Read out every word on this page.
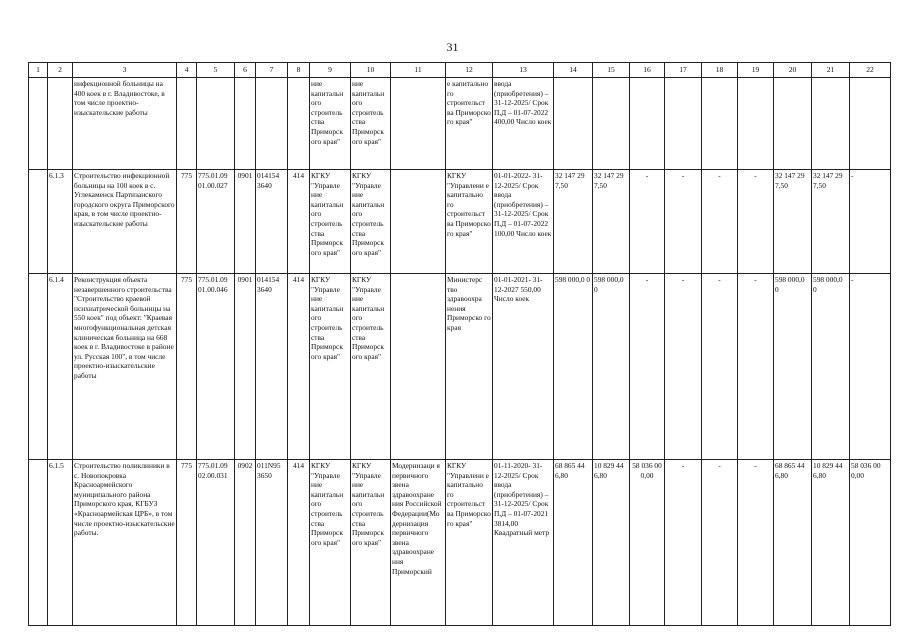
31
1	2	3	4	5	6	7	8	9	10	11	12	13	14	15	16	17	18	19	20	21	22

		инфекционной больницы на 400 коек в г. Владивостоке, в том числе проектно-изыскательские работы						ние капитальн ого строитель ства Приморск ого края"	ние капитальн ого строитель ства Приморск ого края"		е капитально го строительст ва Приморско го края"	ввода (приобретения) – 31-12-2025/ Срок П,Д – 01-07-2022 400,00 Число коек									

	6.1.3	Строительство инфекционной больницы на 100 коек в с. Углекаменск Партизанского городского округа Приморского края, в том числе проектно-изыскательские работы	775	775.01.09 01.00.027	0901	014154 3640	414	КГКУ "Управле ние капитальн ого строитель ства Приморск ого края"	КГКУ "Управле ние капитальн ого строитель ства Приморск ого края"		КГКУ "Управлени е капитально го строительст ва Приморско го края"	01-01-2022- 31-12-2025/ Срок ввода (приобретения) – 31-12-2025/ Срок П,Д – 01-07-2022 100,00 Число коек	32 147 29 7,50	32 147 29 7,50	-	-	-	-	32 147 29 7,50	32 147 29 7,50	-

	6.1.4	Реконструкция объекта незавершенного строительства "Строительство краевой психиатрической больницы на 550 коек" под объект: "Краевая многофункциональная детская клиническая больница на 668 коек в г. Владивостоке в районе ул. Русская 100", в том числе проектно-изыскательские работы	775	775.01.09 01.00.046	0901	014154 3640	414	КГКУ "Управле ние капитальн ого строитель ства Приморск ого края"	КГКУ "Управле ние капитальн ого строитель ства Приморск ого края"		Министерс тво здравоохра нения Приморско го края	01-01-2021- 31-12-2027 550,00 Число коек	598 000,0 0	598 000,0 0	-	-	-	-	598 000,0 0	598 000,0 0	-

	6.1.5	Строительство поликлиники в с. Новопокровка Красноармейского муниципального района Приморского края, КГБУЗ «Красноармейская ЦРБ», в том числе проектно-изыскательские работы.	775	775.01.09 02.00.031	0902	011N95 3650	414	КГКУ "Управле ние капитальн ого строитель ства Приморск ого края"	КГКУ "Управле ние капитальн ого строитель ства Приморск ого края"	Модернизаци я первичного звена здравоохране ния Российской Федерации(Мо дернизация первичного звена здравоохране ния Приморский	КГКУ "Управлени е капитально го строительст ва Приморско го края"	01-11-2020- 31-12-2025/ Срок ввода (приобретения) – 31-12-2025/ Срок П,Д – 01-07-2021 3814,00 Квадратный метр	68 865 44 6,80	10 829 44 6,80	58 036 00 0,00	-	-	-	68 865 44 6,80	10 829 44 6,80	58 036 00 0,00
